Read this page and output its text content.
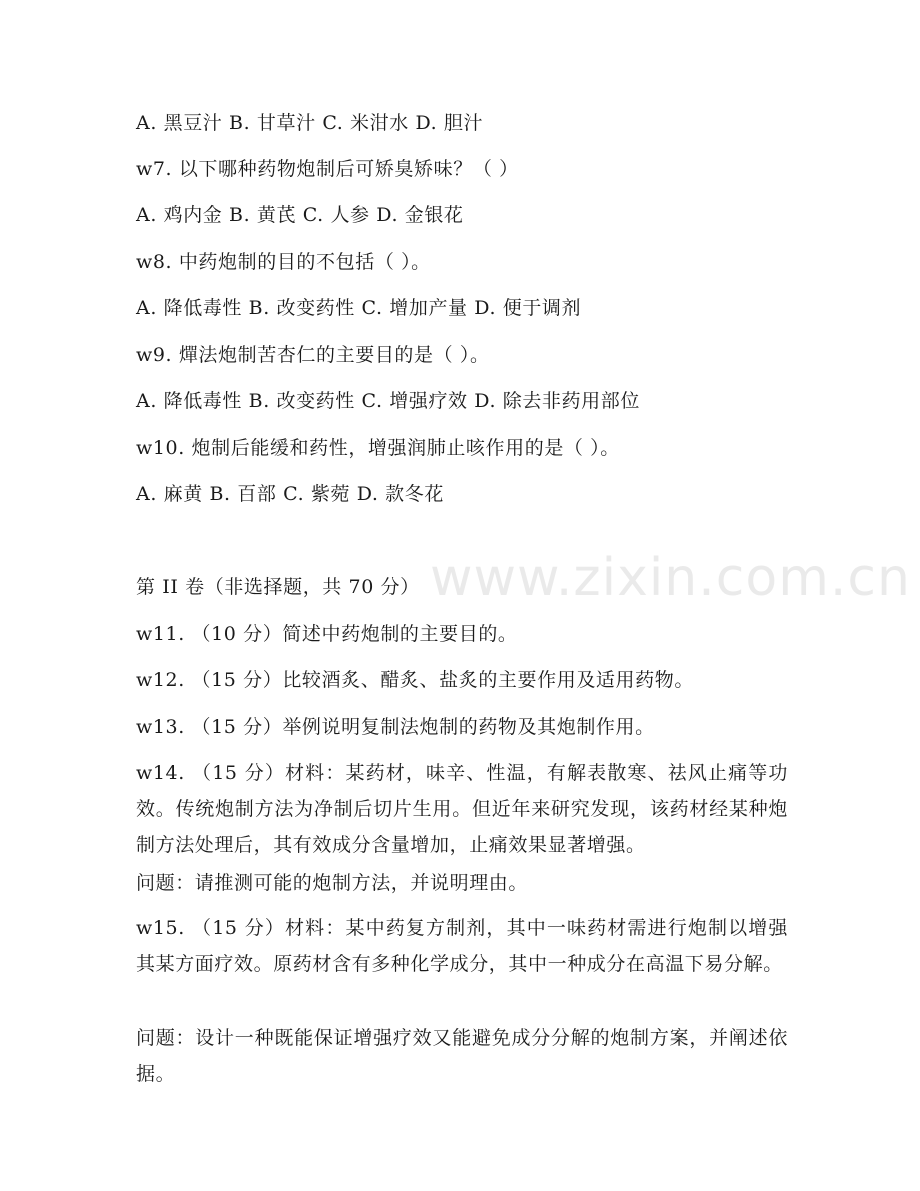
www.zixin.com.cn
A. 黑豆汁 B. 甘草汁 C. 米泔水 D. 胆汁
w7. 以下哪种药物炮制后可矫臭矫味？（ ）
A. 鸡内金 B. 黄芪 C. 人参 D. 金银花
w8. 中药炮制的目的不包括（ ）。
A. 降低毒性 B. 改变药性 C. 增加产量 D. 便于调剂
w9. 燀法炮制苦杏仁的主要目的是（ ）。
A. 降低毒性 B. 改变药性 C. 增强疗效 D. 除去非药用部位
w10. 炮制后能缓和药性，增强润肺止咳作用的是（ ）。
A. 麻黄 B. 百部 C. 紫菀 D. 款冬花
第 II 卷（非选择题，共 70 分）
w11. （10 分）简述中药炮制的主要目的。
w12. （15 分）比较酒炙、醋炙、盐炙的主要作用及适用药物。
w13. （15 分）举例说明复制法炮制的药物及其炮制作用。
w14. （15 分）材料：某药材，味辛、性温，有解表散寒、祛风止痛等功效。传统炮制方法为净制后切片生用。但近年来研究发现，该药材经某种炮制方法处理后，其有效成分含量增加，止痛效果显著增强。
问题：请推测可能的炮制方法，并说明理由。
w15. （15 分）材料：某中药复方制剂，其中一味药材需进行炮制以增强其某方面疗效。原药材含有多种化学成分，其中一种成分在高温下易分解。
问题：设计一种既能保证增强疗效又能避免成分分解的炮制方案，并阐述依据。
